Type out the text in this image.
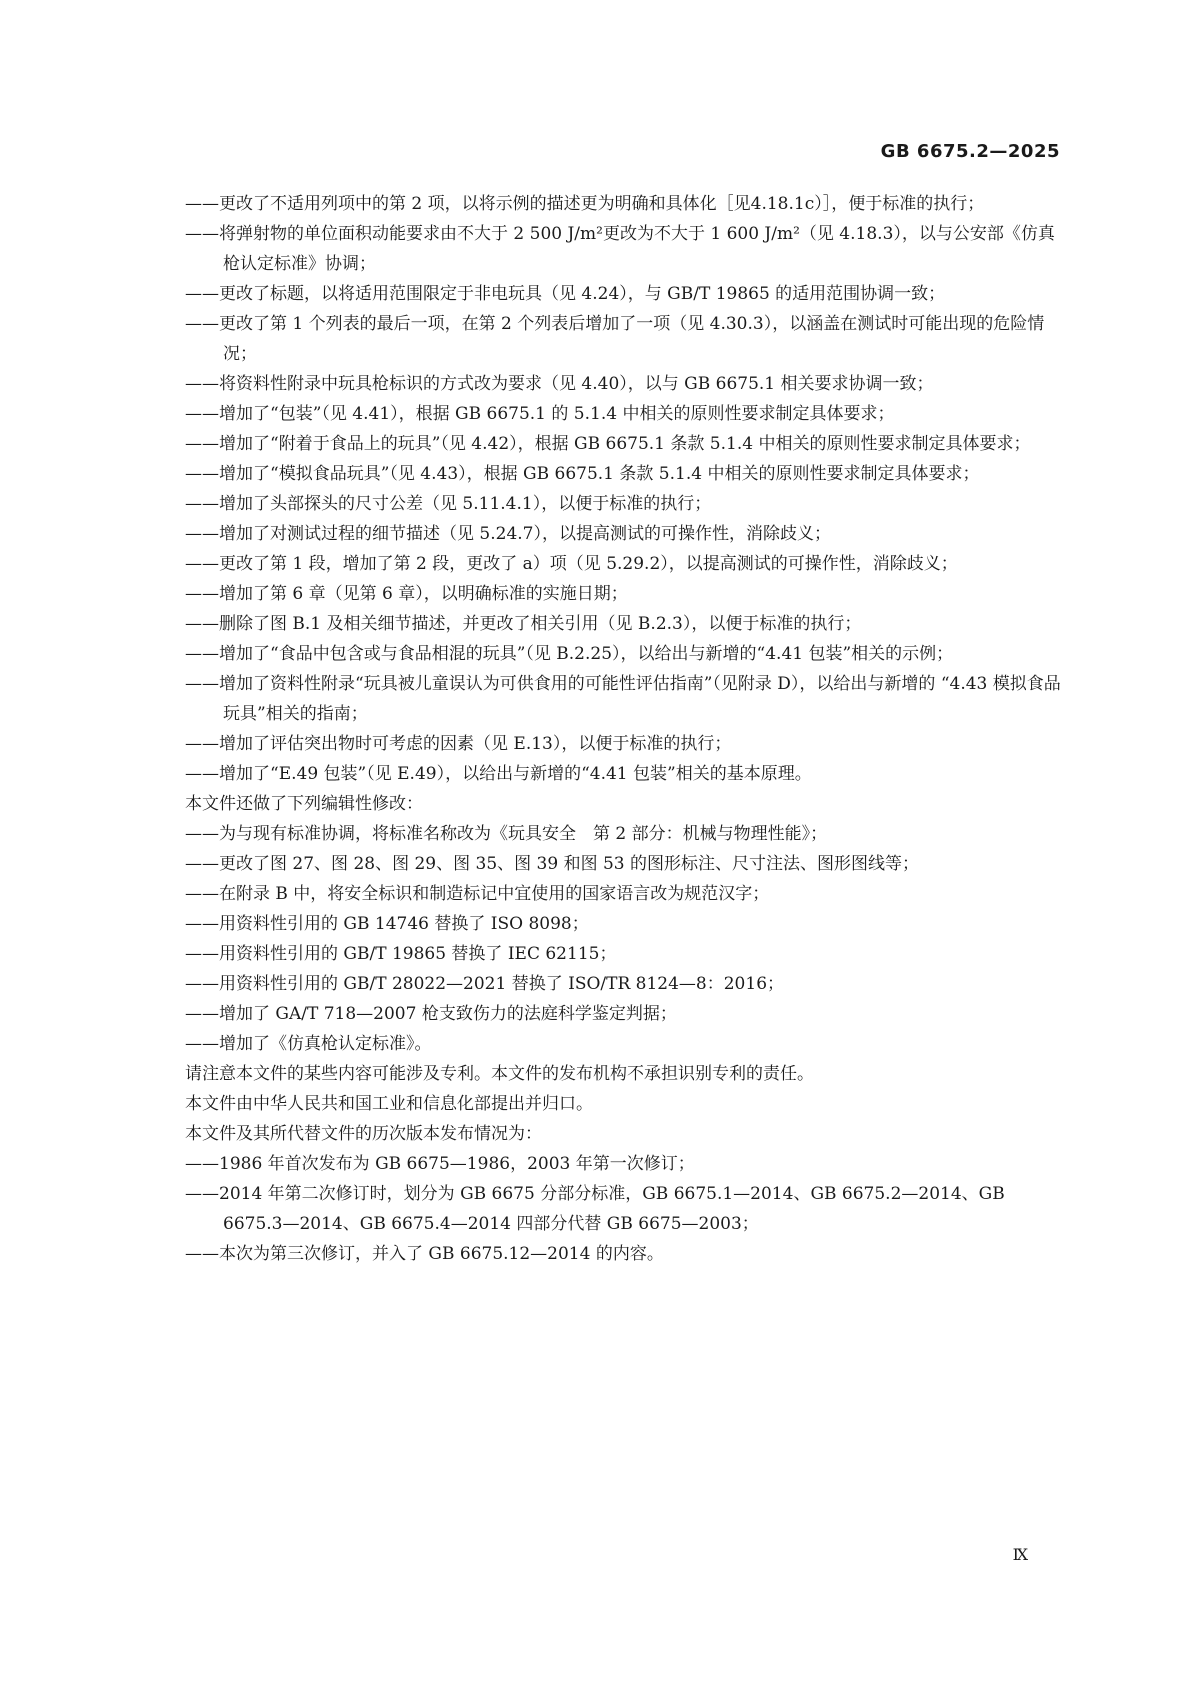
GB 6675.2—2025

——更改了不适用列项中的第 2 项，以将示例的描述更为明确和具体化［见4.18.1c）］，便于标准的执行；

——将弹射物的单位面积动能要求由不大于 2 500 J/m²更改为不大于 1 600 J/m²（见 4.18.3），以与公安部《仿真枪认定标准》协调；

——更改了标题，以将适用范围限定于非电玩具（见 4.24），与 GB/T 19865 的适用范围协调一致；

——更改了第 1 个列表的最后一项，在第 2 个列表后增加了一项（见 4.30.3），以涵盖在测试时可能出现的危险情况；

——将资料性附录中玩具枪标识的方式改为要求（见 4.40），以与 GB 6675.1 相关要求协调一致；

——增加了“包装”（见 4.41），根据 GB 6675.1 的 5.1.4 中相关的原则性要求制定具体要求；

——增加了“附着于食品上的玩具”（见 4.42），根据 GB 6675.1 条款 5.1.4 中相关的原则性要求制定具体要求；

——增加了“模拟食品玩具”（见 4.43），根据 GB 6675.1 条款 5.1.4 中相关的原则性要求制定具体要求；

——增加了头部探头的尺寸公差（见 5.11.4.1），以便于标准的执行；

——增加了对测试过程的细节描述（见 5.24.7），以提高测试的可操作性，消除歧义；

——更改了第 1 段，增加了第 2 段，更改了 a）项（见 5.29.2），以提高测试的可操作性，消除歧义；

——增加了第 6 章（见第 6 章），以明确标准的实施日期；

——删除了图 B.1 及相关细节描述，并更改了相关引用（见 B.2.3），以便于标准的执行；

——增加了“食品中包含或与食品相混的玩具”（见 B.2.25），以给出与新增的“4.41 包装”相关的示例；

——增加了资料性附录“玩具被儿童误认为可供食用的可能性评估指南”（见附录 D），以给出与新增的 “4.43 模拟食品玩具”相关的指南；

——增加了评估突出物时可考虑的因素（见 E.13），以便于标准的执行；

——增加了“E.49 包装”（见 E.49），以给出与新增的“4.41 包装”相关的基本原理。

本文件还做了下列编辑性修改：

——为与现有标准协调，将标准名称改为《玩具安全　第 2 部分：机械与物理性能》；

——更改了图 27、图 28、图 29、图 35、图 39 和图 53 的图形标注、尺寸注法、图形图线等；

——在附录 B 中，将安全标识和制造标记中宜使用的国家语言改为规范汉字；

——用资料性引用的 GB 14746 替换了 ISO 8098；

——用资料性引用的 GB/T 19865 替换了 IEC 62115；

——用资料性引用的 GB/T 28022—2021 替换了 ISO/TR 8124—8：2016；

——增加了 GA/T 718—2007 枪支致伤力的法庭科学鉴定判据；

——增加了《仿真枪认定标准》。

请注意本文件的某些内容可能涉及专利。本文件的发布机构不承担识别专利的责任。

本文件由中华人民共和国工业和信息化部提出并归口。

本文件及其所代替文件的历次版本发布情况为：

——1986 年首次发布为 GB 6675—1986，2003 年第一次修订；

——2014 年第二次修订时，划分为 GB 6675 分部分标准，GB 6675.1—2014、GB 6675.2—2014、GB 6675.3—2014、GB 6675.4—2014 四部分代替 GB 6675—2003；

——本次为第三次修订，并入了 GB 6675.12—2014 的内容。

Ⅸ
